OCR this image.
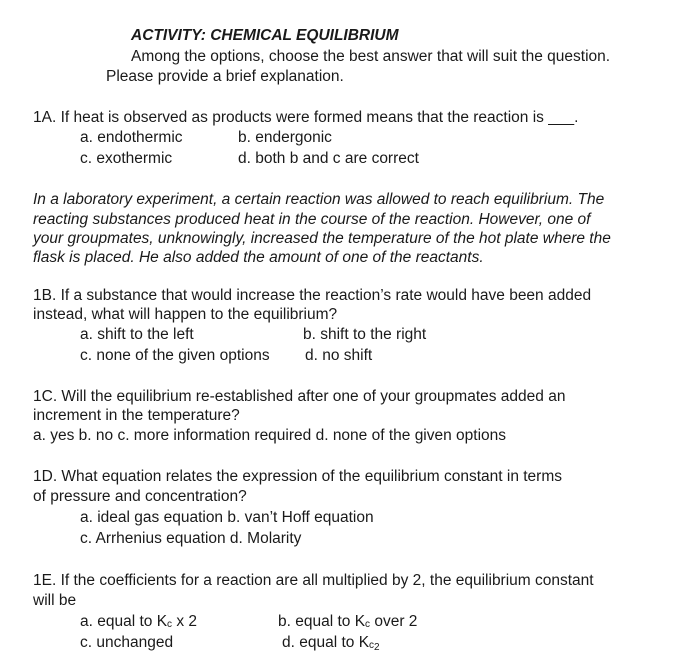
ACTIVITY: CHEMICAL EQUILIBRIUM
Among the options, choose the best answer that will suit the question.
Please provide a brief explanation.
1A. If heat is observed as products were formed means that the reaction is ___.
a. endothermic	b. endergonic
c. exothermic	d. both b and c are correct
In a laboratory experiment, a certain reaction was allowed to reach equilibrium. The
reacting substances produced heat in the course of the reaction. However, one of
your groupmates, unknowingly, increased the temperature of the hot plate where the
flask is placed. He also added the amount of one of the reactants.
1B. If a substance that would increase the reaction’s rate would have been added
instead, what will happen to the equilibrium?
a. shift to the left	b. shift to the right
c. none of the given options d. no shift
1C. Will the equilibrium re-established after one of your groupmates added an
increment in the temperature?
a. yes b. no c. more information required d. none of the given options
1D. What equation relates the expression of the equilibrium constant in terms
of pressure and concentration?
a. ideal gas equation b. van’t Hoff equation
c. Arrhenius equation d. Molarity
1E. If the coefficients for a reaction are all multiplied by 2, the equilibrium constant
will be
a. equal to Kc x 2	b. equal to Kc over 2
c. unchanged	d. equal to Kc2
